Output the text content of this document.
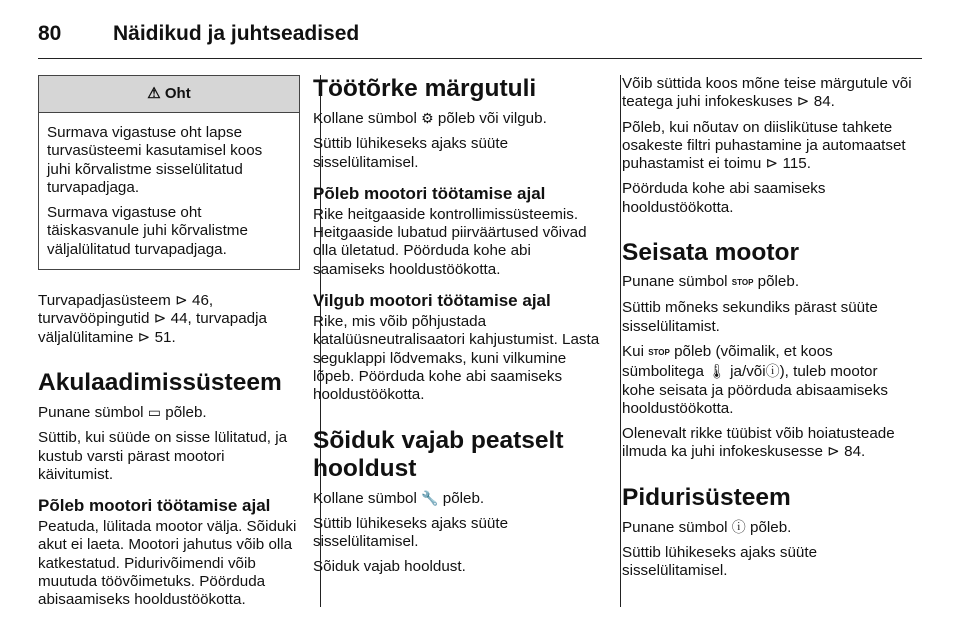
80 Näidikud ja juhtseadised
⚠ Oht

Surmava vigastuse oht lapse turvasüsteemi kasutamisel koos juhi kõrvalistme sisselülitatud turvapadjaga.

Surmava vigastuse oht täiskasvanule juhi kõrvalistme väljalülitatud turvapadjaga.

Turvapadjasüsteem ⊳ 46, turvavööpingutid ⊳ 44, turvapadja väljalülitamine ⊳ 51.

Akulaadimissüsteem

Punane sümbol ▭ põleb.

Süttib, kui süüde on sisse lülitatud, ja kustub varsti pärast mootori käivitumist.

Põleb mootori töötamise ajal

Peatuda, lülitada mootor välja. Sõiduki akut ei laeta. Mootori jahutus võib olla katkestatud. Pidurivõimendi võib muutuda töövõimetuks. Pöörduda abisaamiseks hooldustöökotta.

Töötõrke märgutuli

Kollane sümbol ⚙ põleb või vilgub.

Süttib lühikeseks ajaks süüte sisselülitamisel.

Põleb mootori töötamise ajal

Rike heitgaaside kontrollimissüsteemis. Heitgaaside lubatud piirväärtused võivad olla ületatud. Pöörduda kohe abi saamiseks hooldustöökotta.

Vilgub mootori töötamise ajal

Rike, mis võib põhjustada katalüüsneutralisaatori kahjustumist. Lasta seguklappi lõdvemaks, kuni vilkumine lõpeb. Pöörduda kohe abi saamiseks hooldustöökotta.

Sõiduk vajab peatselt hooldust

Kollane sümbol 🔧 põleb.

Süttib lühikeseks ajaks süüte sisselülitamisel.

Sõiduk vajab hooldust.

Võib süttida koos mõne teise märgutule või teatega juhi infokeskuses ⊳ 84.

Põleb, kui nõutav on diislikütuse tahkete osakeste filtri puhastamine ja automaatset puhastamist ei toimu ⊳ 115.

Pöörduda kohe abi saamiseks hooldustöökotta.

Seisata mootor

Punane sümbol STOP põleb.

Süttib mõneks sekundiks pärast süüte sisselülitamist.

Kui STOP põleb (võimalik, et koos sümbolitega 🌡 ja/võiⓘ), tuleb mootor kohe seisata ja pöörduda abisaamiseks hooldustöökotta.

Olenevalt rikke tüübist võib hoiatusteade ilmuda ka juhi infokeskusesse ⊳ 84.

Pidurisüsteem

Punane sümbol ⓘ põleb.

Süttib lühikeseks ajaks süüte sisselülitamisel.
